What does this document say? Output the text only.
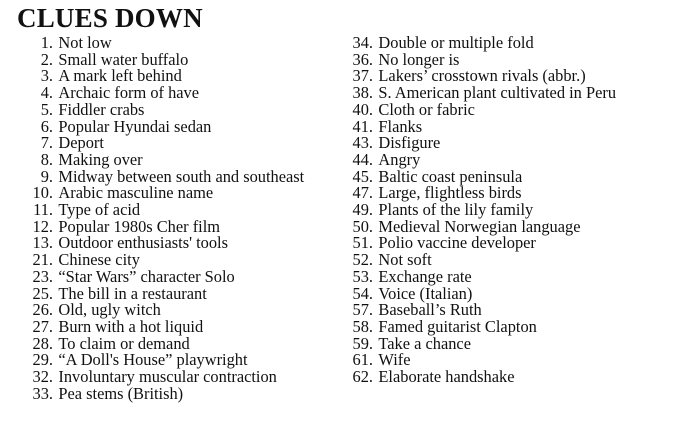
CLUES DOWN
1. Not low
2. Small water buffalo
3. A mark left behind
4. Archaic form of have
5. Fiddler crabs
6. Popular Hyundai sedan
7. Deport
8. Making over
9. Midway between south and southeast
10. Arabic masculine name
11. Type of acid
12. Popular 1980s Cher film
13. Outdoor enthusiasts' tools
21. Chinese city
23. “Star Wars” character Solo
25. The bill in a restaurant
26. Old, ugly witch
27. Burn with a hot liquid
28. To claim or demand
29. “A Doll's House” playwright
32. Involuntary muscular contraction
33. Pea stems (British)
34. Double or multiple fold
36. No longer is
37. Lakers’ crosstown rivals (abbr.)
38. S. American plant cultivated in Peru
40. Cloth or fabric
41. Flanks
43. Disfigure
44. Angry
45. Baltic coast peninsula
47. Large, flightless birds
49. Plants of the lily family
50. Medieval Norwegian language
51. Polio vaccine developer
52. Not soft
53. Exchange rate
54. Voice (Italian)
57. Baseball’s Ruth
58. Famed guitarist Clapton
59. Take a chance
61. Wife
62. Elaborate handshake
